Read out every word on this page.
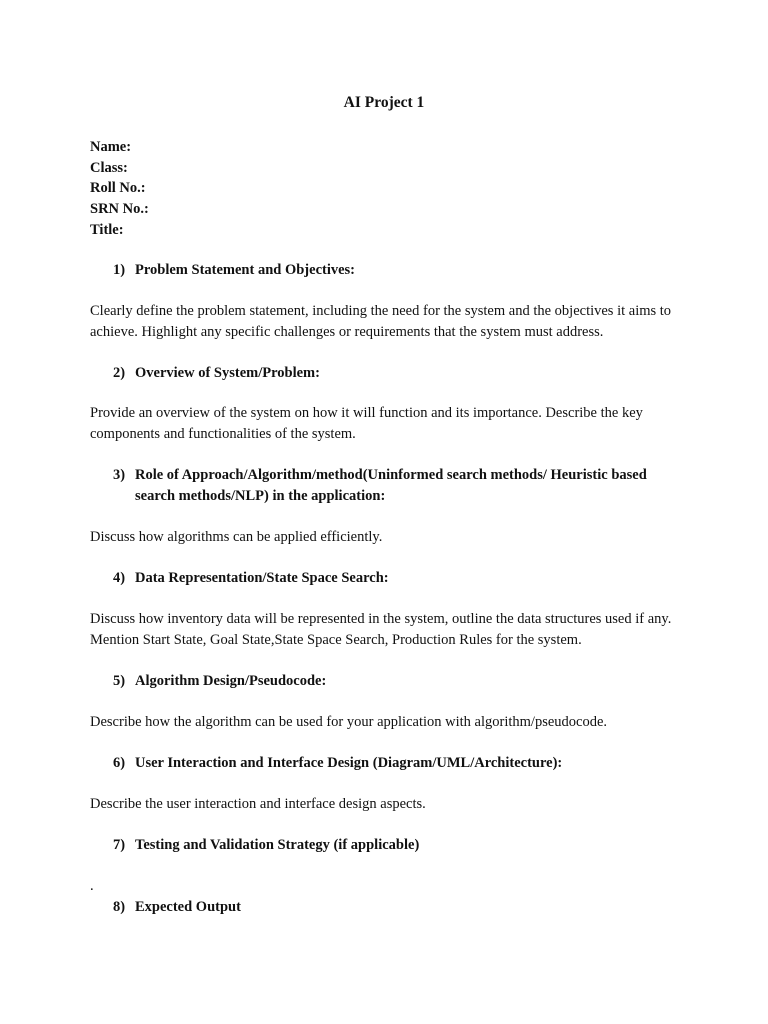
AI Project 1
Name:
Class:
Roll No.:
SRN No.:
Title:
1) Problem Statement and Objectives:
Clearly define the problem statement, including the need for the system and the objectives it aims to achieve. Highlight any specific challenges or requirements that the system must address.
2) Overview of System/Problem:
Provide an overview of the system on how it will function and its importance. Describe the key components and functionalities of the system.
3) Role of Approach/Algorithm/method(Uninformed search methods/ Heuristic based search methods/NLP) in the application:
Discuss how algorithms can be applied efficiently.
4) Data Representation/State Space Search:
Discuss how inventory data will be represented in the system, outline the data structures used if any. Mention Start State, Goal State,State Space Search, Production Rules for the system.
5) Algorithm Design/Pseudocode:
Describe how the algorithm can be used for your application with algorithm/pseudocode.
6) User Interaction and Interface Design (Diagram/UML/Architecture):
Describe the user interaction and interface design aspects.
7) Testing and Validation Strategy (if applicable)
.
8) Expected Output
